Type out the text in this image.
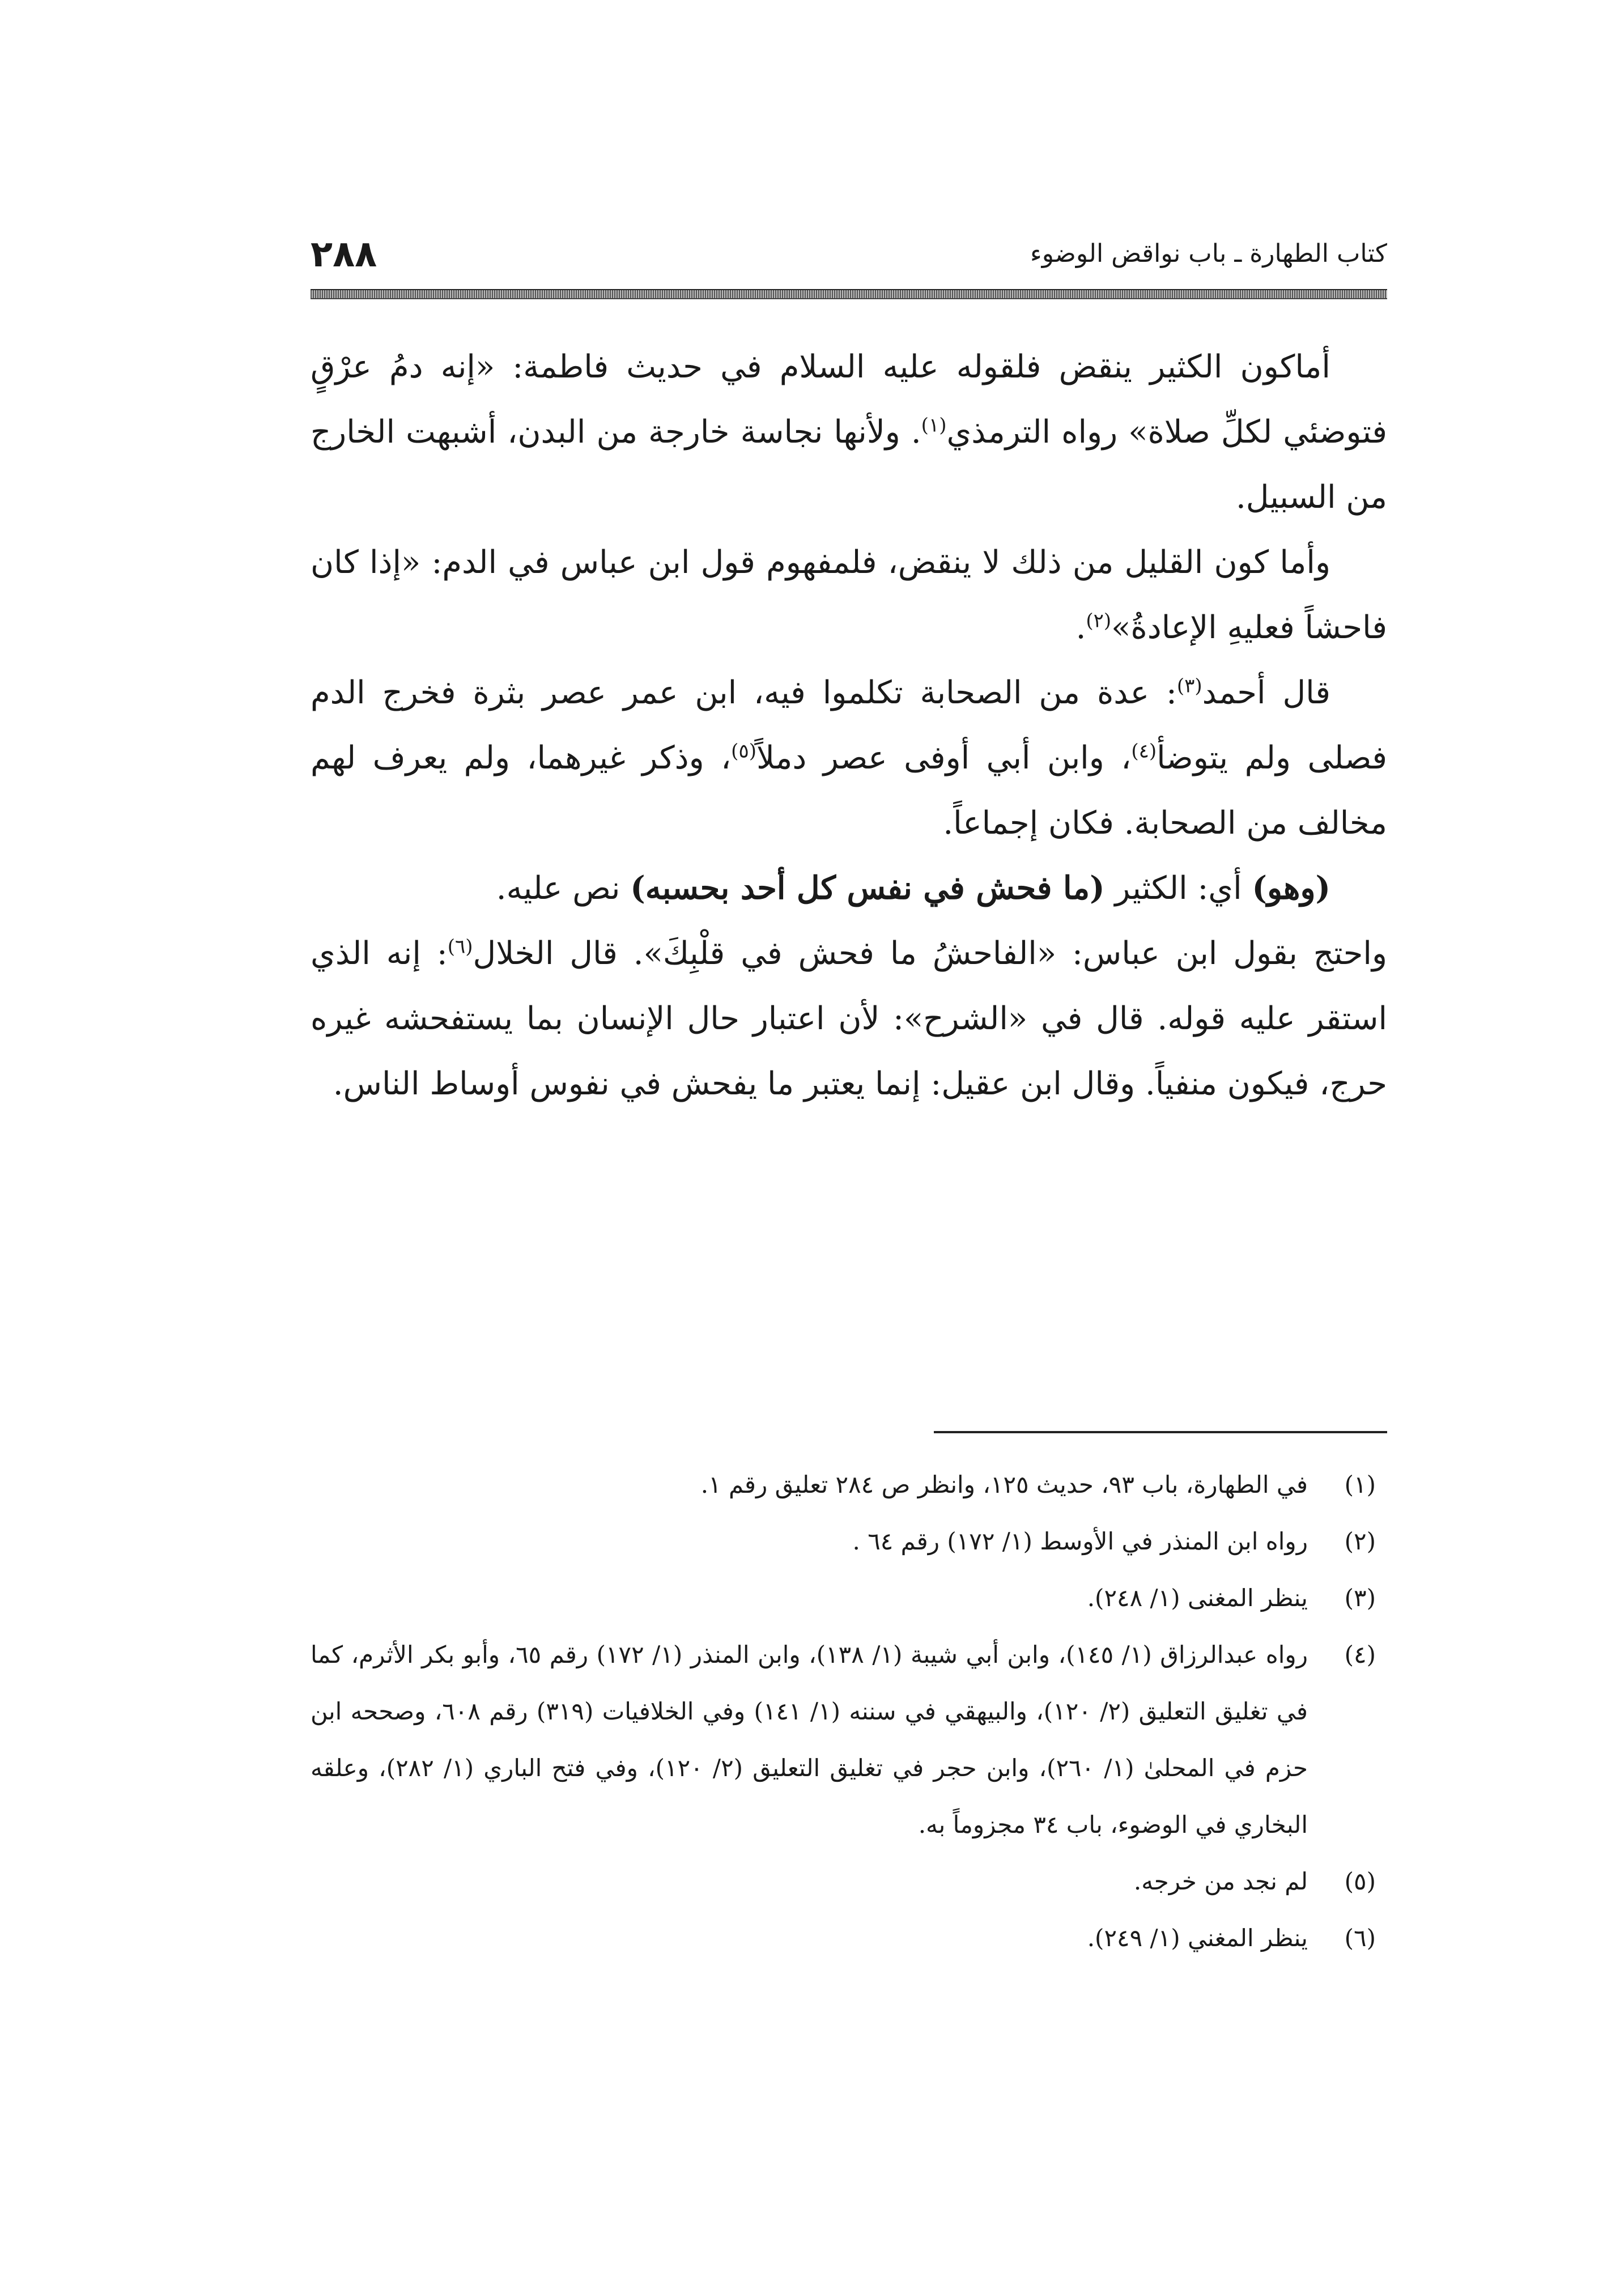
كتاب الطهارة ـ باب نواقض الوضوء
٢٨٨

أماكون الكثير ينقض فلقوله عليه السلام في حديث فاطمة: «إنه دمُ عرْقٍ فتوضئي لكلِّ صلاة» رواه الترمذي$^{(١)}$. ولأنها نجاسة خارجة من البدن، أشبهت الخارج من السبيل.

وأما كون القليل من ذلك لا ينقض، فلمفهوم قول ابن عباس في الدم: «إذا كان فاحشاً فعليهِ الإعادةُ»$^{(٢)}$.

قال أحمد$^{(٣)}$: عدة من الصحابة تكلموا فيه، ابن عمر عصر بثرة فخرج الدم فصلى ولم يتوضأ$^{(٤)}$، وابن أبي أوفى عصر دملاً$^{(٥)}$، وذكر غيرهما، ولم يعرف لهم مخالف من الصحابة. فكان إجماعاً.

(وهو) أي: الكثير (ما فحش في نفس كل أحد بحسبه) نص عليه.

واحتج بقول ابن عباس: «الفاحشُ ما فحش في قلْبِكَ». قال الخلال$^{(٦)}$: إنه الذي استقر عليه قوله. قال في «الشرح»: لأن اعتبار حال الإنسان بما يستفحشه غيره حرج، فيكون منفياً. وقال ابن عقيل: إنما يعتبر ما يفحش في نفوس أوساط الناس.

(١)
في الطهارة، باب ٩٣، حديث ١٢٥، وانظر ص ٢٨٤ تعليق رقم ١.

(٢)
رواه ابن المنذر في الأوسط (١/ ١٧٢) رقم ٦٤ .

(٣)
ينظر المغنى (١/ ٢٤٨).

(٤)
رواه عبدالرزاق (١/ ١٤٥)، وابن أبي شيبة (١/ ١٣٨)، وابن المنذر (١/ ١٧٢) رقم ٦٥، وأبو بكر الأثرم، كما في تغليق التعليق (٢/ ١٢٠)، والبيهقي في سننه (١/ ١٤١) وفي الخلافيات (٣١٩) رقم ٦٠٨، وصححه ابن حزم في المحلىٰ (١/ ٢٦٠)، وابن حجر في تغليق التعليق (٢/ ١٢٠)، وفي فتح الباري (١/ ٢٨٢)، وعلقه البخاري في الوضوء، باب ٣٤ مجزوماً به.

(٥)
لم نجد من خرجه.

(٦)
ينظر المغني (١/ ٢٤٩).
